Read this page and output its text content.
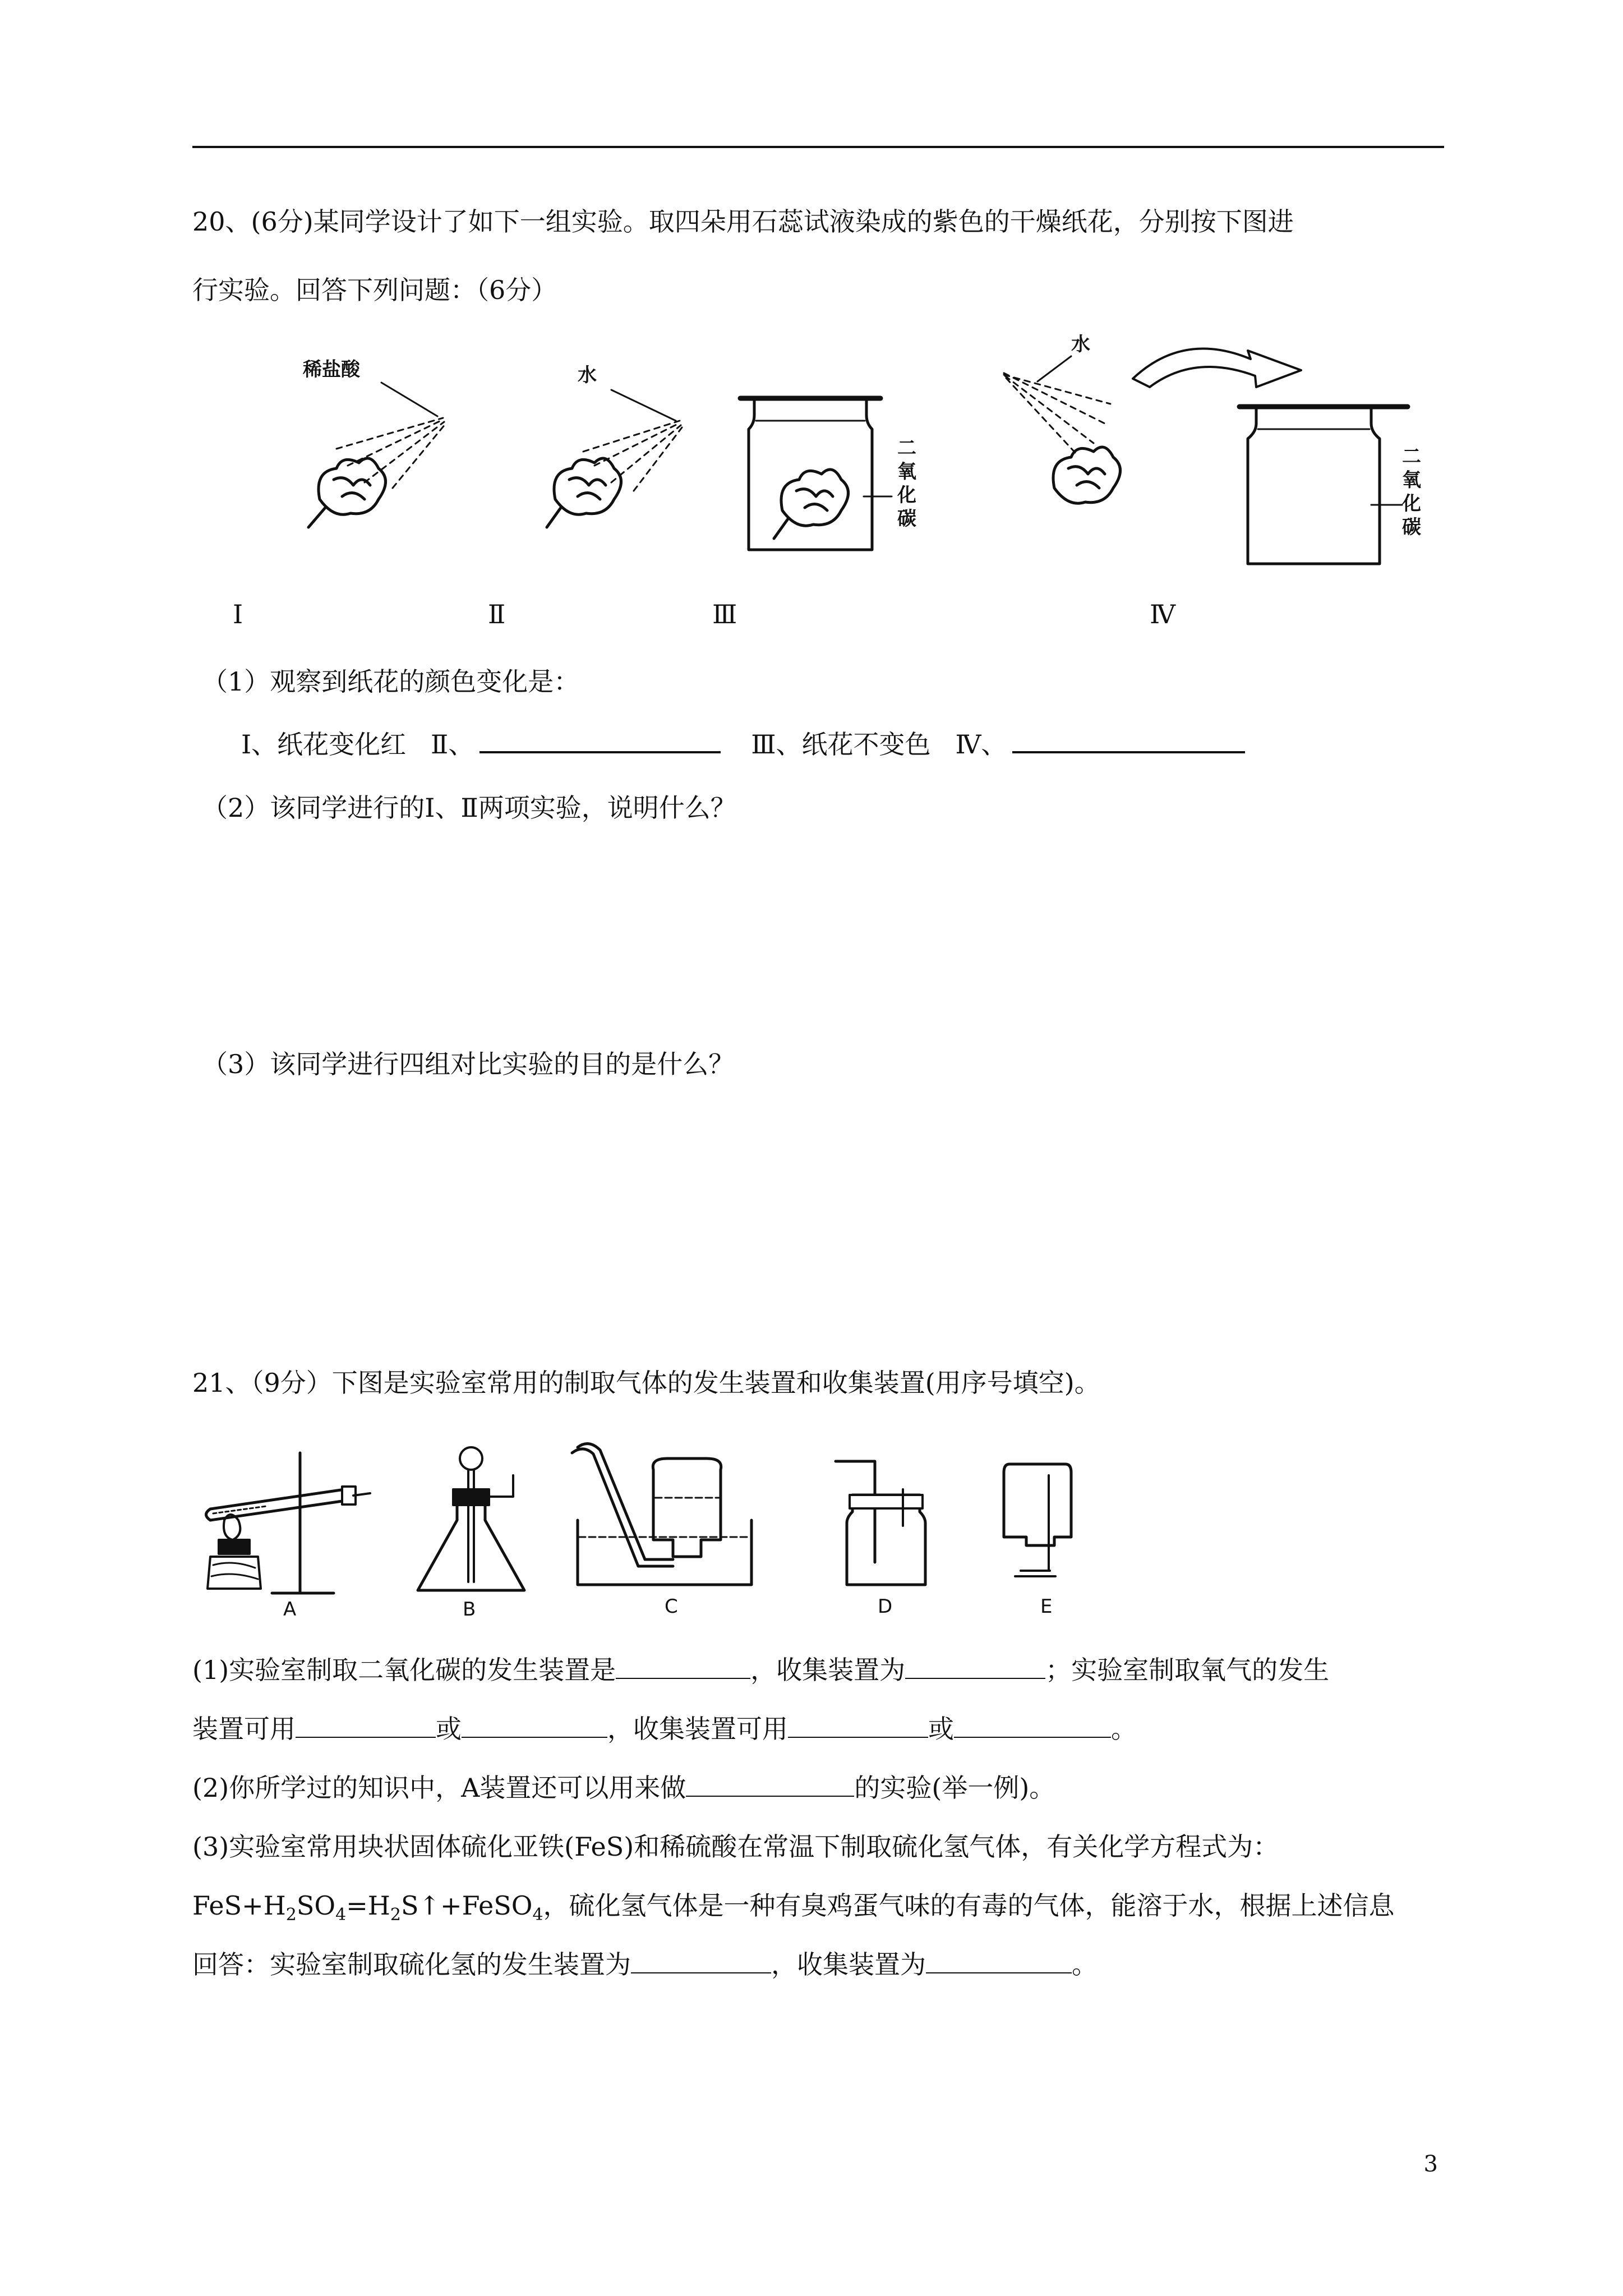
20、(6分)某同学设计了如下一组实验。取四朵用石蕊试液染成的紫色的干燥纸花，分别按下图进
行实验。回答下列问题：（6分）
稀盐酸	水
二
氧
化
碳
水
二
氧
化
碳
Ⅰ	Ⅱ	Ⅲ	Ⅳ
（1）观察到纸花的颜色变化是：
Ⅰ、纸花变化红 Ⅱ、	Ⅲ、纸花不变色 Ⅳ、
（2）该同学进行的Ⅰ、Ⅱ两项实验，说明什么？
（3）该同学进行四组对比实验的目的是什么？
21、（9分）下图是实验室常用的制取气体的发生装置和收集装置(用序号填空)。
A	B	C	D	E
(1)实验室制取二氧化碳的发生装置是	，收集装置为	；实验室制取氧气的发生
装置可用	或	，收集装置可用	或	。
(2)你所学过的知识中，A装置还可以用来做	的实验(举一例)。
(3)实验室常用块状固体硫化亚铁(FeS)和稀硫酸在常温下制取硫化氢气体，有关化学方程式为：
$FeS+H_2SO_4=H_2S↑+FeSO_4$，硫化氢气体是一种有臭鸡蛋气味的有毒的气体，能溶于水，根据上述信息
回答：实验室制取硫化氢的发生装置为	，收集装置为	。
3
